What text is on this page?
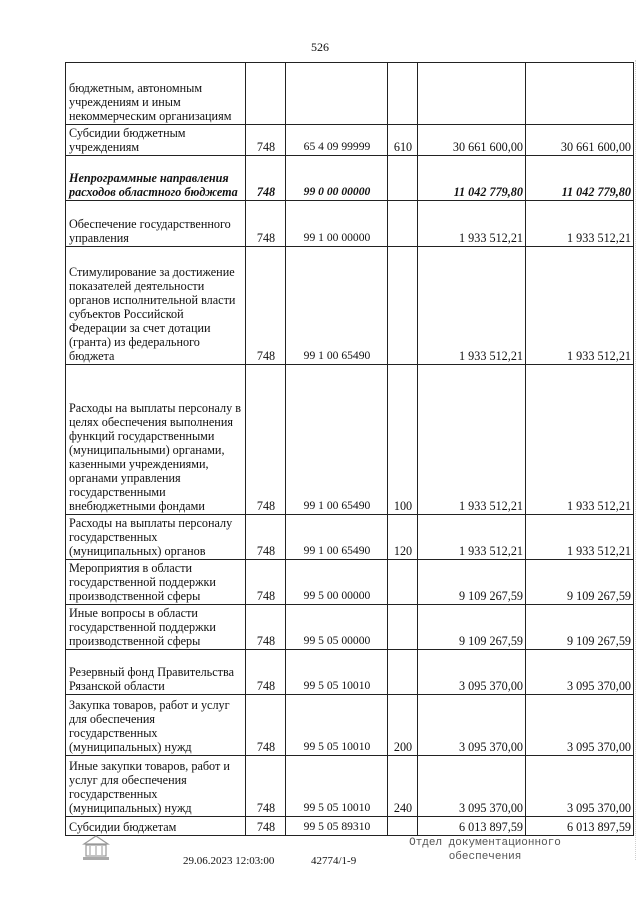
526
бюджетным, автономным учреждениям и иным некоммерческим организациям					
Субсидии бюджетным учреждениям	748	65 4 09 99999	610	30 661 600,00	30 661 600,00
Непрограммные направления расходов областного бюджета	748	99 0 00 00000		11 042 779,80	11 042 779,80
Обеспечение государственного управления	748	99 1 00 00000		1 933 512,21	1 933 512,21
Стимулирование за достижение показателей деятельности органов исполнительной власти субъектов Российской Федерации за счет дотации (гранта) из федерального бюджета	748	99 1 00 65490		1 933 512,21	1 933 512,21
Расходы на выплаты персоналу в целях обеспечения выполнения функций государственными (муниципальными) органами, казенными учреждениями, органами управления государственными внебюджетными фондами	748	99 1 00 65490	100	1 933 512,21	1 933 512,21
Расходы на выплаты персоналу государственных (муниципальных) органов	748	99 1 00 65490	120	1 933 512,21	1 933 512,21
Мероприятия в области государственной поддержки производственной сферы	748	99 5 00 00000		9 109 267,59	9 109 267,59
Иные вопросы в области государственной поддержки производственной сферы	748	99 5 05 00000		9 109 267,59	9 109 267,59
Резервный фонд Правительства Рязанской области	748	99 5 05 10010		3 095 370,00	3 095 370,00
Закупка товаров, работ и услуг для обеспечения государственных (муниципальных) нужд	748	99 5 05 10010	200	3 095 370,00	3 095 370,00
Иные закупки товаров, работ и услуг для обеспечения государственных (муниципальных) нужд	748	99 5 05 10010	240	3 095 370,00	3 095 370,00
Субсидии бюджетам	748	99 5 05 89310		6 013 897,59	6 013 897,59
29.06.2023 12:03:00	42774/1-9
Отдел документационного
обеспечения
